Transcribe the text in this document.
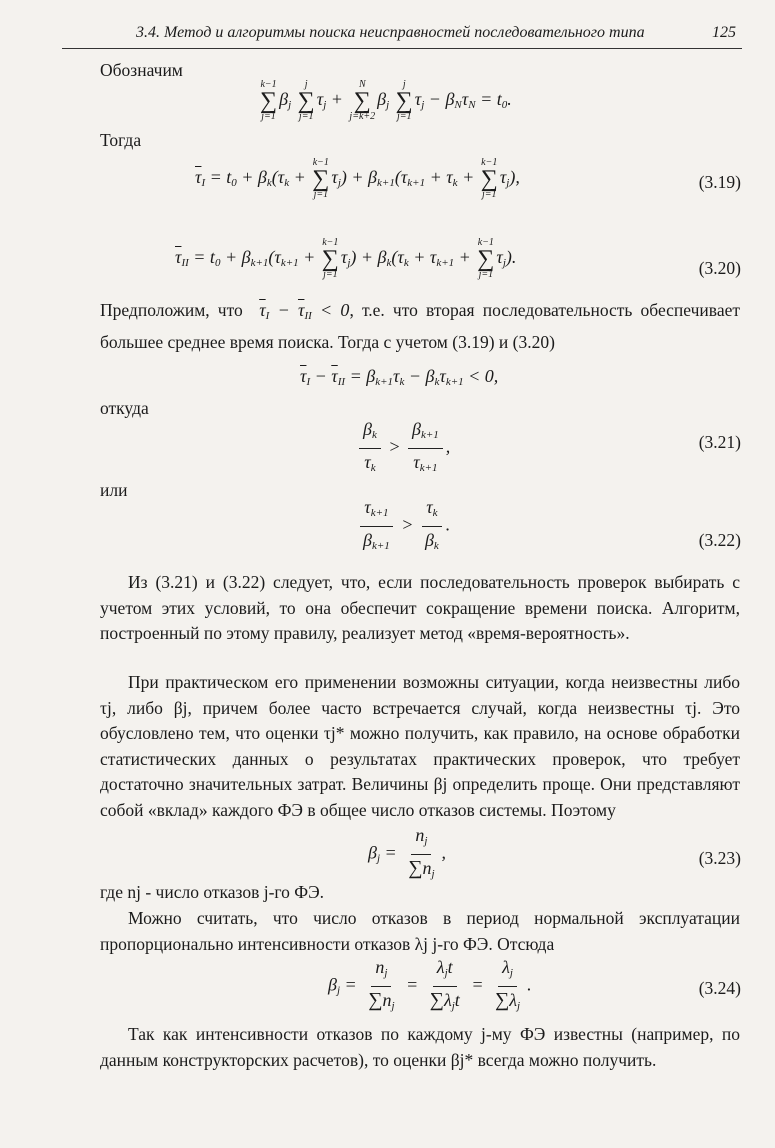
3.4. Метод и алгоритмы поиска неисправностей последовательного типа	125
Обозначим
k−1
∑
j=1
$\beta_j$
j
∑
j=1
$\tau_j$ +
N
∑
j=k+2
$\beta_j$
j
∑
j=1
$\tau_j - \beta_N\tau_N = t_0$.
Тогда
$\overline{\tau}_I = t_0 + \beta_k(\tau_k$ +
k−1
∑
j=1
$\tau_j) + \beta_{k+1}(\tau_{k+1} + \tau_k$ +
k−1
∑
j=1
$\tau_j$),	(3.19)
$\overline{\tau}_{II} = t_0 + \beta_{k+1}(\tau_{k+1}$ +
k−1
∑
j=1
$\tau_j) + \beta_k(\tau_k + \tau_{k+1}$ +
k−1
∑
j=1
$\tau_j$).
(3.20)
Предположим, что $\overline{\tau}_I - \overline{\tau}_{II} < 0$, т.е. что вторая последовательность обеспечивает большее среднее время поиска. Тогда с учетом (3.19) и (3.20)
$\overline{\tau}_I - \overline{\tau}_{II} = \beta_{k+1}\tau_k - \beta_k\tau_{k+1} < 0$,
откуда
$\frac{\beta_k}{\tau_k} > \frac{\beta_{k+1}}{\tau_{k+1}}$ ,	(3.21)
или
$\frac{\tau_{k+1}}{\beta_{k+1}} > \frac{\tau_k}{\beta_k}$ .
(3.22)
Из (3.21) и (3.22) следует, что, если последовательность проверок выбирать с учетом этих условий, то она обеспечит сокращение времени поиска. Алгоритм, построенный по этому правилу, реализует метод «время-вероятность».
При практическом его применении возможны ситуации, когда неизвестны либо τj, либо βj, причем более часто встречается случай, когда неизвестны τj. Это обусловлено тем, что оценки τj* можно получить, как правило, на основе обработки статистических данных о результатах практических проверок, что требует достаточно значительных затрат. Величины βj определить проще. Они представляют собой «вклад» каждого ФЭ в общее число отказов системы. Поэтому
$\beta_j = \frac{n_j}{\sum n_j}$ ,	(3.23)
где nj - число отказов j-го ФЭ.
Можно считать, что число отказов в период нормальной эксплуатации пропорционально интенсивности отказов λj j-го ФЭ. Отсюда
$\beta_j = \frac{n_j}{\sum n_j} = \frac{\lambda_jt}{\sum\lambda_jt} = \frac{\lambda_j}{\sum\lambda_j}$ .	(3.24)
Так как интенсивности отказов по каждому j-му ФЭ известны (например, по данным конструкторских расчетов), то оценки βj* всегда можно получить.
